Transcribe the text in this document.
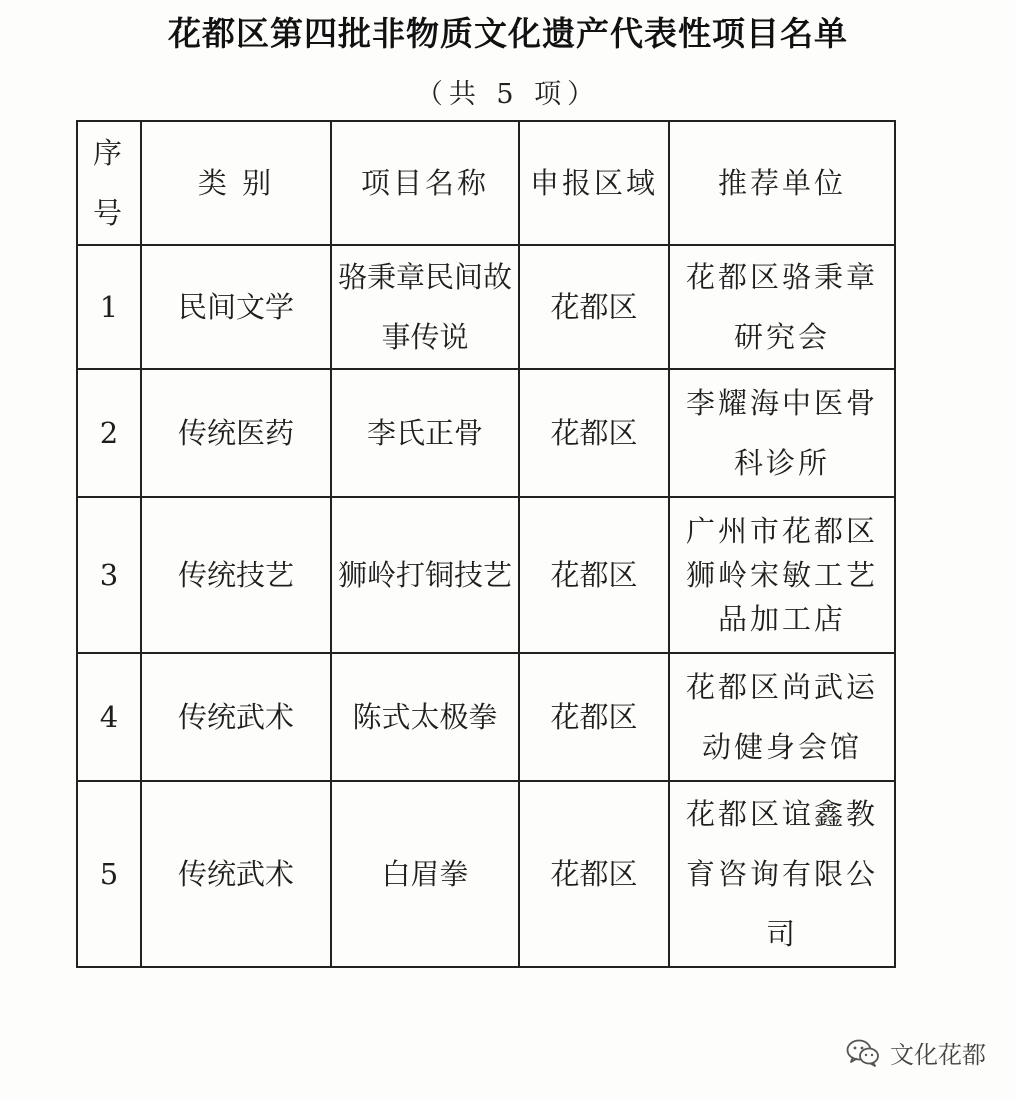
花都区第四批非物质文化遗产代表性项目名单
（共 5 项）
序
号	类 别	项目名称	申报区域	推荐单位
1	民间文学	骆秉章民间故事传说	花都区	花都区骆秉章研究会
2	传统医药	李氏正骨	花都区	李耀海中医骨科诊所
3	传统技艺	狮岭打铜技艺	花都区	广州市花都区狮岭宋敏工艺品加工店
4	传统武术	陈式太极拳	花都区	花都区尚武运动健身会馆
5	传统武术	白眉拳	花都区	花都区谊鑫教育咨询有限公司
文化花都
